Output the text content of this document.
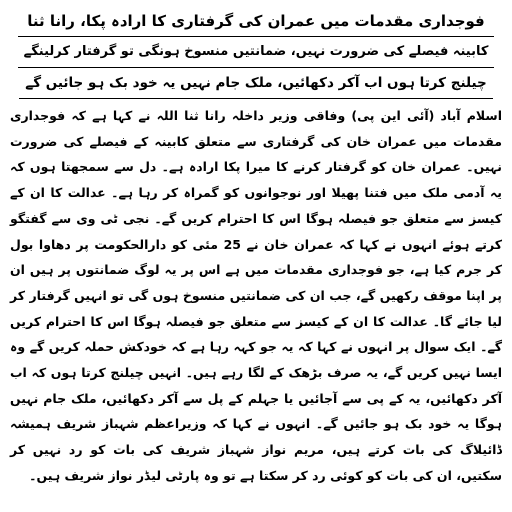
فوجداری مقدمات میں عمران کی گرفتاری کا ارادہ پکا، رانا ثنا
کابینہ فیصلے کی ضرورت نہیں، ضمانتیں منسوخ ہونگی تو گرفتار کرلینگے
چیلنج کرتا ہوں اب آکر دکھائیں، ملک جام نہیں یہ خود بک ہو جائیں گے

اسلام آباد (آئی این پی) وفاقی وزیر داخلہ رانا ثنا اللہ نے کہا ہے کہ فوجداری مقدمات میں عمران خان کی گرفتاری سے متعلق کابینہ کے فیصلے کی ضرورت نہیں۔ عمران خان کو گرفتار کرنے کا میرا پکا ارادہ ہے۔ دل سے سمجھتا ہوں کہ یہ آدمی ملک میں فتنا پھیلا اور نوجوانوں کو گمراہ کر رہا ہے۔ عدالت کا ان کے کیسز سے متعلق جو فیصلہ ہوگا اس کا احترام کریں گے۔ نجی ٹی وی سے گفتگو کرتے ہوئے انہوں نے کہا کہ عمران خان نے 25 مئی کو دارالحکومت پر دھاوا بول کر جرم کیا ہے، جو فوجداری مقدمات میں ہے اس پر یہ لوگ ضمانتوں پر ہیں ان پر اپنا موقف رکھیں گے، جب ان کی ضمانتیں منسوخ ہوں گی تو انہیں گرفتار کر لیا جائے گا۔ عدالت کا ان کے کیسز سے متعلق جو فیصلہ ہوگا اس کا احترام کریں گے۔ ایک سوال پر انہوں نے کہا کہ یہ جو کہہ رہا ہے کہ خودکش حملہ کریں گے وہ ایسا نہیں کریں گے، یہ صرف بڑھک کے لگا رہے ہیں۔ انہیں چیلنج کرتا ہوں کہ اب آکر دکھائیں، یہ کے پی سے آجائیں یا جہلم کے پل سے آکر دکھائیں، ملک جام نہیں ہوگا یہ خود بک ہو جائیں گے۔ انہوں نے کہا کہ وزیراعظم شہباز شریف ہمیشہ ڈائیلاگ کی بات کرتے ہیں، مریم نواز شہباز شریف کی بات کو رد نہیں کر سکتیں، ان کی بات کو کوئی رد کر سکتا ہے تو وہ پارٹی لیڈر نواز شریف ہیں۔
